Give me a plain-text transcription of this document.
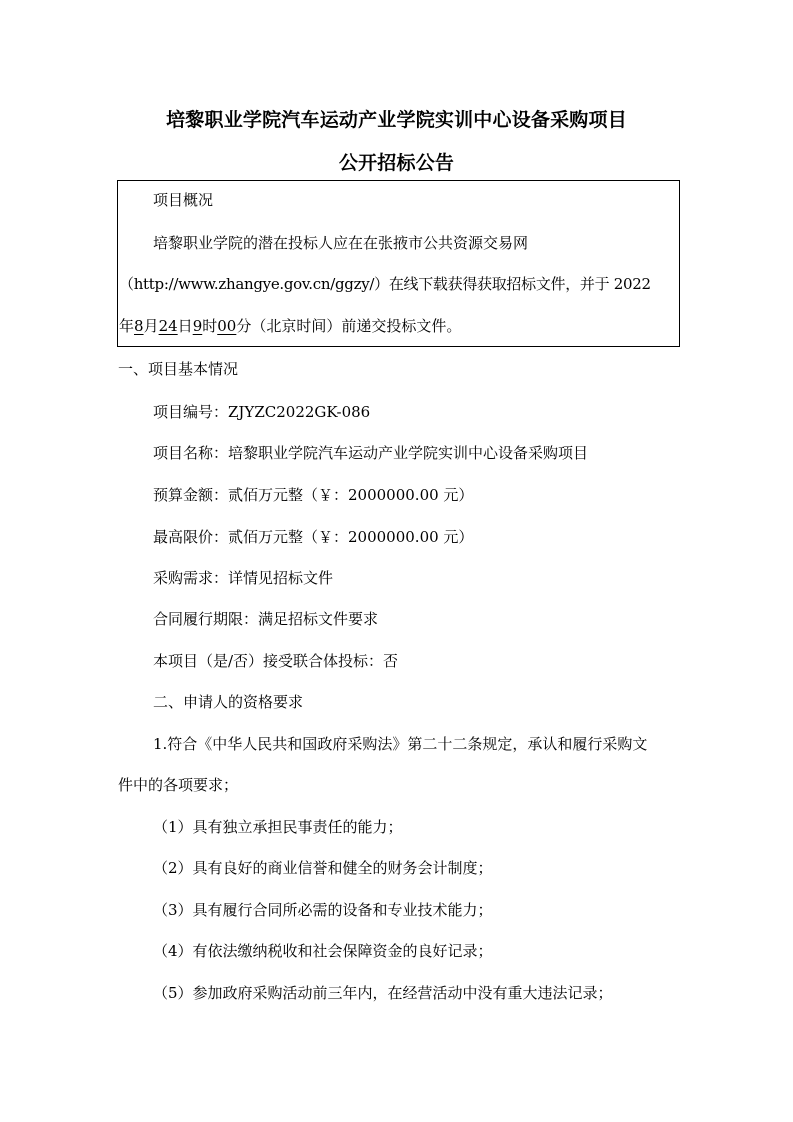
培黎职业学院汽车运动产业学院实训中心设备采购项目
公开招标公告
项目概况
培黎职业学院的潜在投标人应在在张掖市公共资源交易网
（http://www.zhangye.gov.cn/ggzy/）在线下载获得获取招标文件，并于 2022
年8月24日9时00分（北京时间）前递交投标文件。
一、项目基本情况
项目编号：ZJYZC2022GK-086
项目名称：培黎职业学院汽车运动产业学院实训中心设备采购项目
预算金额：贰佰万元整（￥：2000000.00 元）
最高限价：贰佰万元整（￥：2000000.00 元）
采购需求：详情见招标文件
合同履行期限：满足招标文件要求
本项目（是/否）接受联合体投标：否
二、申请人的资格要求
1.符合《中华人民共和国政府采购法》第二十二条规定，承认和履行采购文
件中的各项要求；
（1）具有独立承担民事责任的能力；
（2）具有良好的商业信誉和健全的财务会计制度；
（3）具有履行合同所必需的设备和专业技术能力；
（4）有依法缴纳税收和社会保障资金的良好记录；
（5）参加政府采购活动前三年内，在经营活动中没有重大违法记录；
